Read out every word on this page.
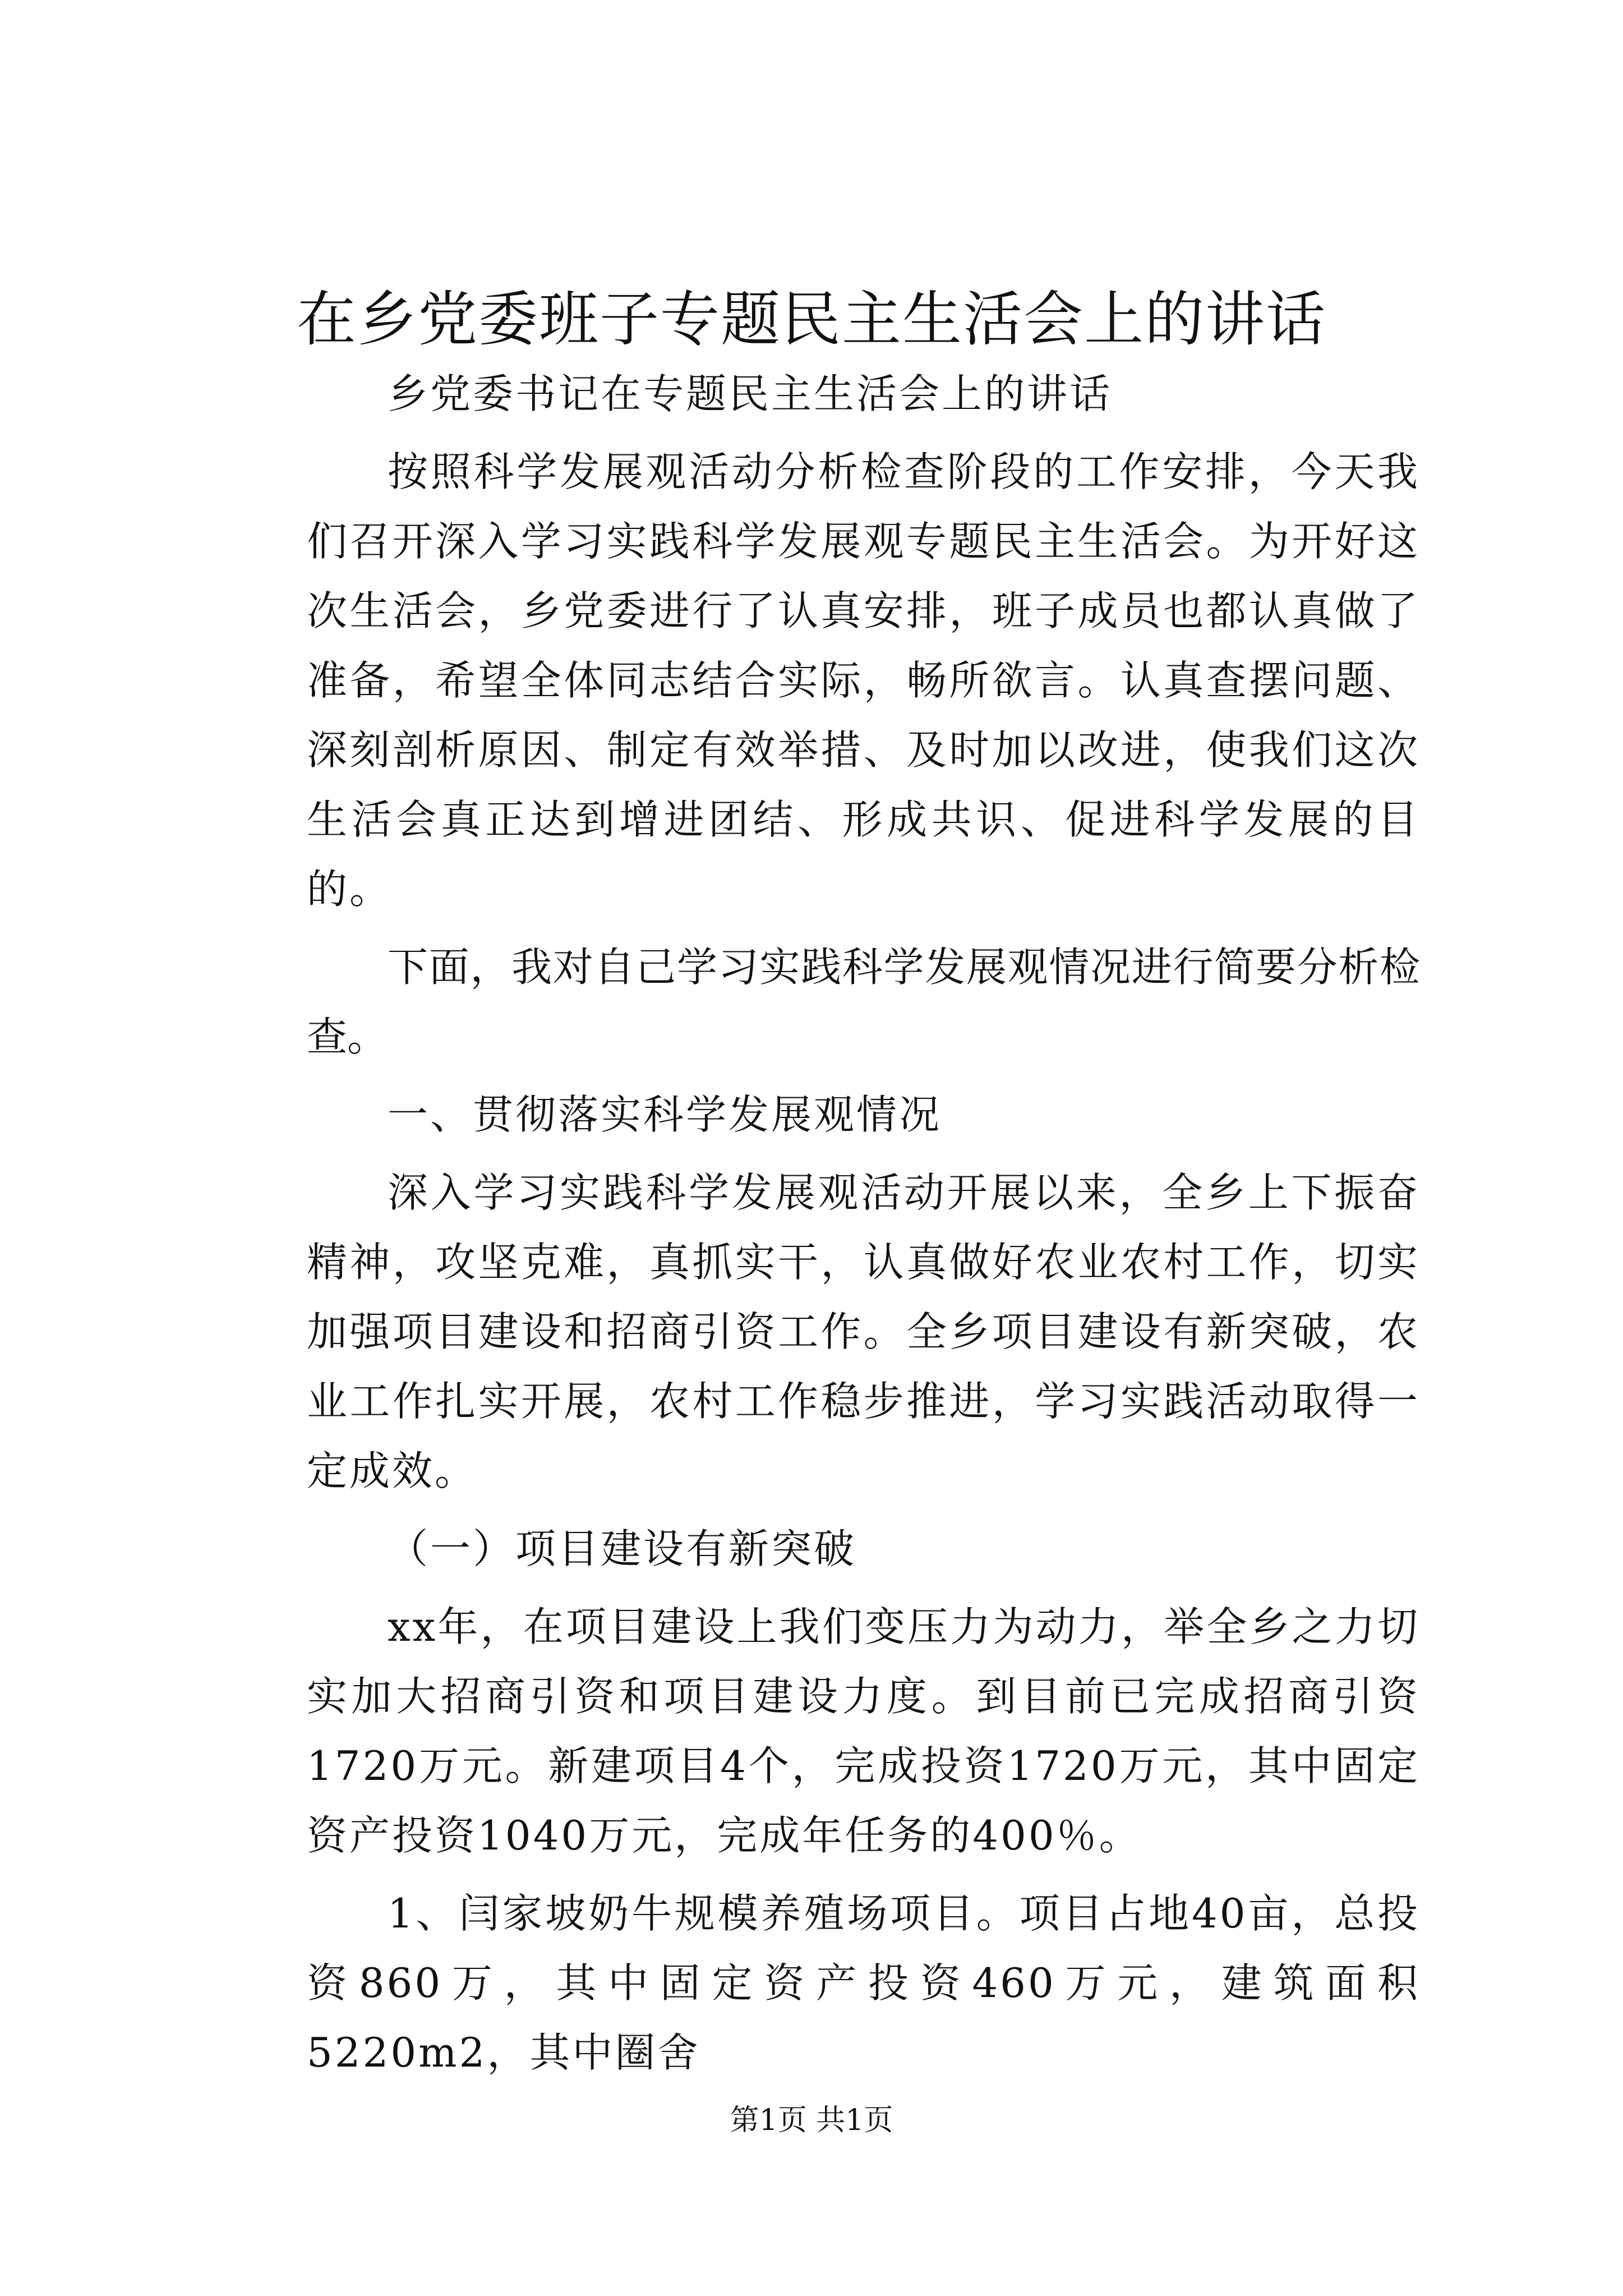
在乡党委班子专题民主生活会上的讲话

乡党委书记在专题民主生活会上的讲话

按照科学发展观活动分析检查阶段的工作安排，今天我们召开深入学习实践科学发展观专题民主生活会。为开好这次生活会，乡党委进行了认真安排，班子成员也都认真做了准备，希望全体同志结合实际，畅所欲言。认真查摆问题、深刻剖析原因、制定有效举措、及时加以改进，使我们这次生活会真正达到增进团结、形成共识、促进科学发展的目的。

下面，我对自己学习实践科学发展观情况进行简要分析检查。

一、贯彻落实科学发展观情况

深入学习实践科学发展观活动开展以来，全乡上下振奋精神，攻坚克难，真抓实干，认真做好农业农村工作，切实加强项目建设和招商引资工作。全乡项目建设有新突破，农业工作扎实开展，农村工作稳步推进，学习实践活动取得一定成效。

（一）项目建设有新突破

xx年，在项目建设上我们变压力为动力，举全乡之力切实加大招商引资和项目建设力度。到目前已完成招商引资1720万元。新建项目4个，完成投资1720万元，其中固定资产投资1040万元，完成年任务的400％。

1、闫家坡奶牛规模养殖场项目。项目占地40亩，总投资860万，其中固定资产投资460万元，建筑面积5220m2，其中圈舍

第1页 共1页
